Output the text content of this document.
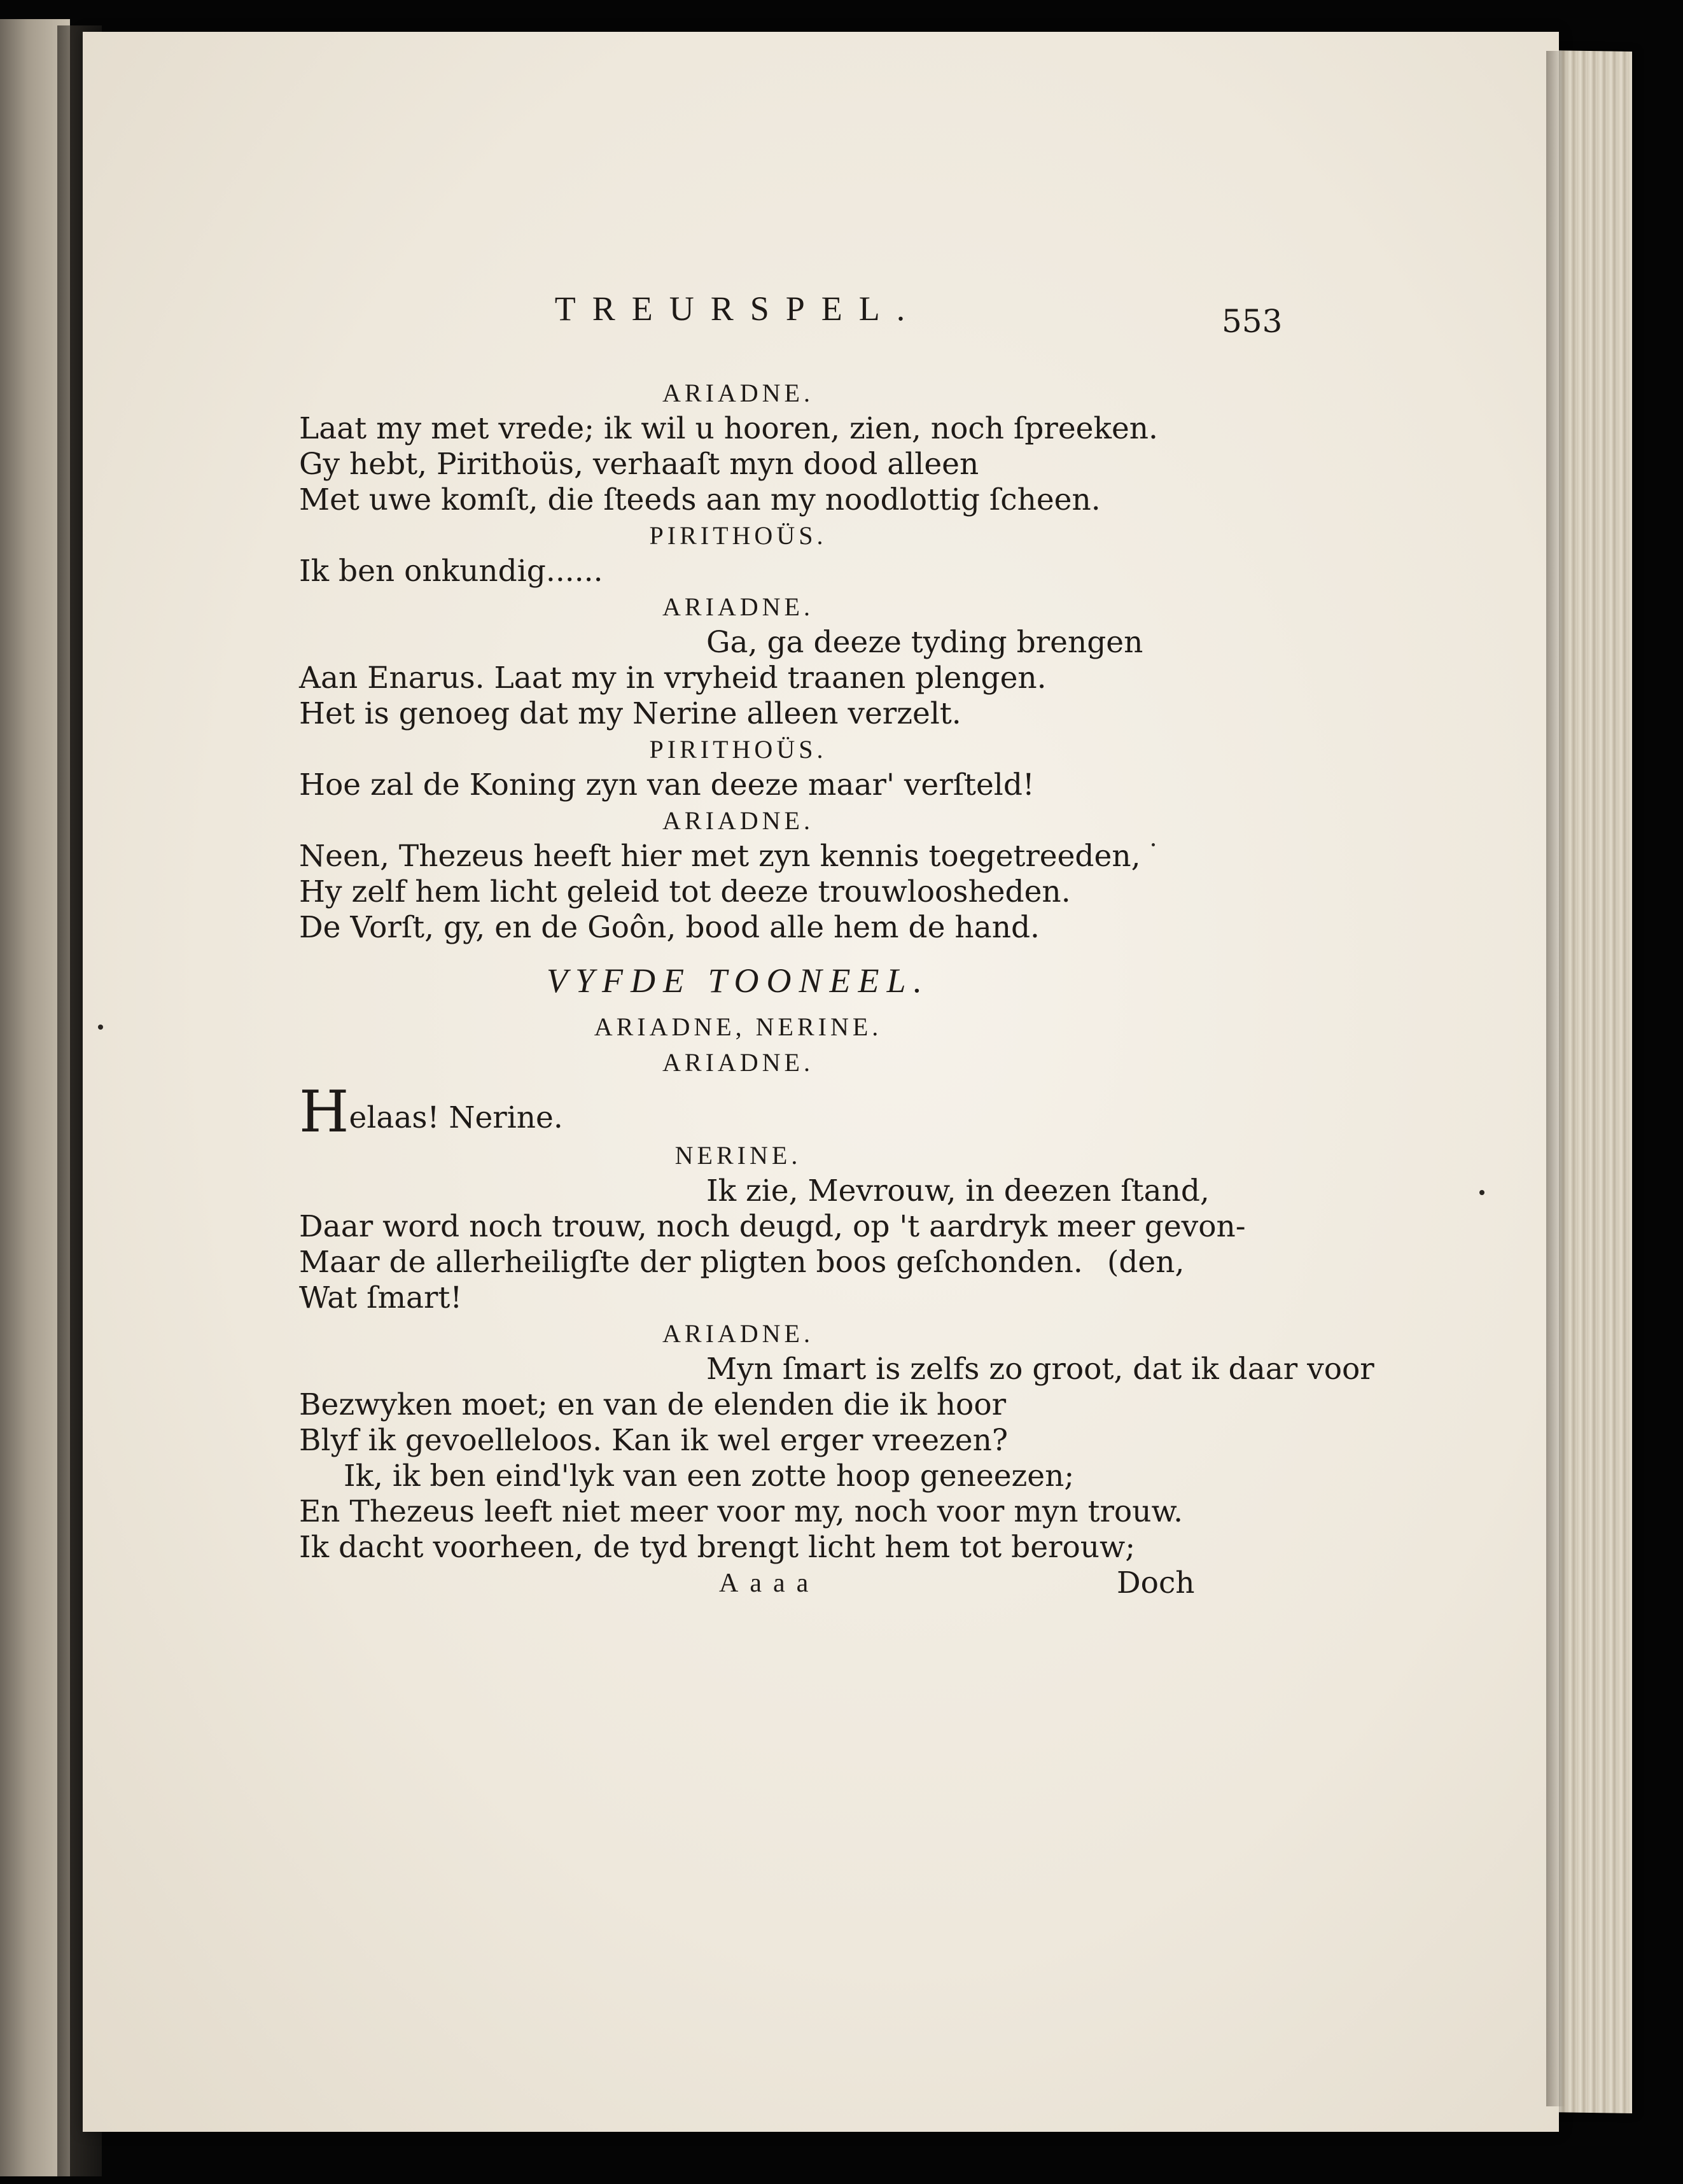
TREURSPEL.	553
ARIADNE.
Laat my met vrede; ik wil u hooren, zien, noch ſpreeken.
Gy hebt, Pirithoüs, verhaaſt myn dood alleen
Met uwe komſt, die ſteeds aan my noodlottig ſcheen.
PIRITHOÜS.
Ik ben onkundig......
ARIADNE.
Ga, ga deeze tyding brengen
Aan Enarus. Laat my in vryheid traanen plengen.
Het is genoeg dat my Nerine alleen verzelt.
PIRITHOÜS.
Hoe zal de Koning zyn van deeze maar' verſteld!
ARIADNE.
Neen, Thezeus heeft hier met zyn kennis toegetreeden,
Hy zelf hem licht geleid tot deeze trouwloosheden.
De Vorſt, gy, en de Goôn, bood alle hem de hand.
VYFDE TOONEEL.
ARIADNE, NERINE.
ARIADNE.
Helaas! Nerine.
NERINE.
Ik zie, Mevrouw, in deezen ſtand,
Daar word noch trouw, noch deugd, op 't aardryk meer gevon-
(den,
Maar de allerheiligſte der pligten boos geſchonden.
Wat ſmart!
ARIADNE.
Myn ſmart is zelfs zo groot, dat ik daar voor
Bezwyken moet; en van de elenden die ik hoor
Blyf ik gevoelleloos. Kan ik wel erger vreezen?
Ik, ik ben eind'lyk van een zotte hoop geneezen;
En Thezeus leeft niet meer voor my, noch voor myn trouw.
Ik dacht voorheen, de tyd brengt licht hem tot berouw;
Aaaa	Doch
